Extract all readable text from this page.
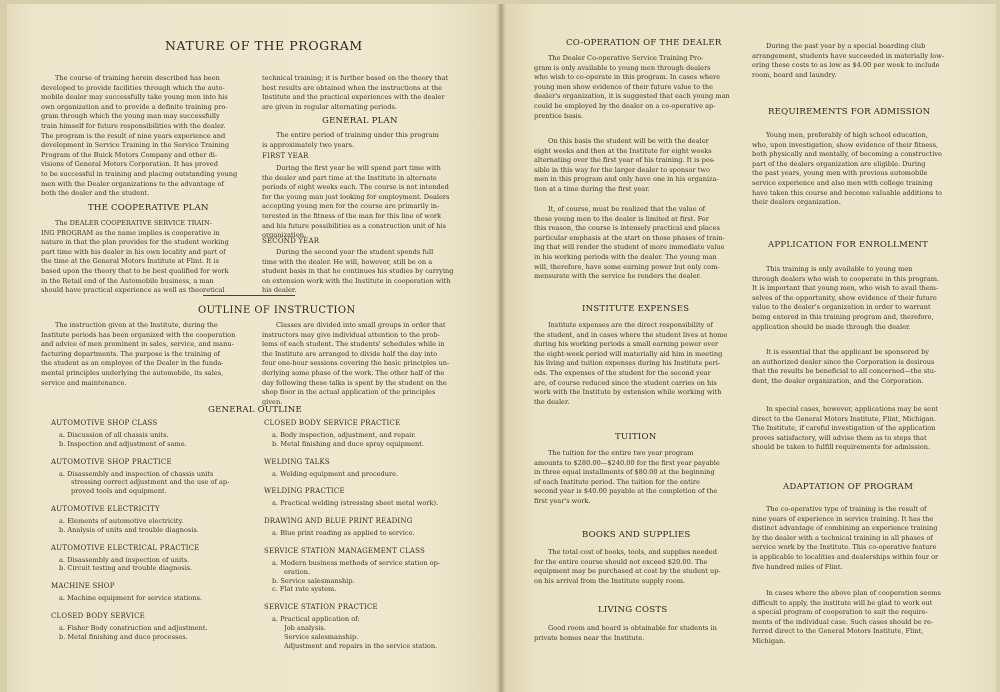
NATURE OF THE PROGRAM
The course of training herein described has been
developed to provide facilities through which the auto-
mobile dealer may successfully take young men into his
own organization and to provide a definite training pro-
gram through which the young man may successfully
train himself for future responsibilities with the dealer.
The program is the result of nine years experience and
development in Service Training in the Service Training
Program of the Buick Motors Company and other di-
visions of General Motors Corporation. It has proved
to be successful in training and placing outstanding young
men with the Dealer organizations to the advantage of
both the dealer and the student.
THE COOPERATIVE PLAN
The DEALER COOPERATIVE SERVICE TRAIN-
ING PROGRAM as the name implies is cooperative in
nature in that the plan provides for the student working
part time with his dealer in his own locality and part of
the time at the General Motors Institute at Flint. It is
based upon the theory that to be best qualified for work
in the Retail end of the Automobile business, a man
should have practical experience as well as theoretical
technical training; it is further based on the theory that
best results are obtained when the instructions at the
Institute and the practical experiences with the dealer
are given in regular alternating periods.
GENERAL PLAN
The entire period of training under this program
is approximately two years.
FIRST YEAR
During the first year he will spend part time with
the dealer and part time at the Institute in alternate
periods of eight weeks each. The course is not intended
for the young man just looking for employment. Dealers
accepting young men for the course are primarily in-
terested in the fitness of the man for this line of work
and his future possibilities as a construction unit of his
organization.
SECOND YEAR
During the second year the student spends full
time with the dealer. He will, however, still be on a
student basis in that he continues his studies by carrying
on extension work with the Institute in cooperation with
his dealer.
OUTLINE OF INSTRUCTION
The instruction given at the Institute, during the
Institute periods has been organized with the cooperation
and advice of men prominent in sales, service, and manu-
facturing departments. The purpose is the training of
the student as an employee of the Dealer in the funda-
mental principles underlying the automobile, its sales,
service and maintenance.
Classes are divided into small groups in order that
instructors may give individual attention to the prob-
lems of each student. The students' schedules while in
the Institute are arranged to divide half the day into
four one-hour sessions covering the basic principles un-
derlying some phase of the work. The other half of the
day following these talks is spent by the student on the
shop floor in the actual application of the principles
given.
GENERAL OUTLINE
AUTOMOTIVE SHOP CLASS
a. Discussion of all chassis units.
b. Inspection and adjustment of same.
AUTOMOTIVE SHOP PRACTICE
a. Disassembly and inspection of chassis units
stressing correct adjustment and the use of ap-
proved tools and equipment.
AUTOMOTIVE ELECTRICITY
a. Elements of automotive electricity.
b. Analysis of units and trouble diagnosis.
AUTOMOTIVE ELECTRICAL PRACTICE
a. Disassembly and inspection of units.
b. Circuit testing and trouble diagnosis.
MACHINE SHOP
a. Machine equipment for service stations.
CLOSED BODY SERVICE
a. Fisher Body construction and adjustment.
b. Metal finishing and duco processes.
CLOSED BODY SERVICE PRACTICE
a. Body inspection, adjustment, and repair.
b. Metal finishing and duco spray equipment.
WELDING TALKS
a. Welding equipment and procedure.
WELDING PRACTICE
a. Practical welding (stressing sheet metal work).
DRAWING AND BLUE PRINT READING
a. Blue print reading as applied to service.
SERVICE STATION MANAGEMENT CLASS
a. Modern business methods of service station op-
eration.
b. Service salesmanship.
c. Flat rate system.
SERVICE STATION PRACTICE
a. Practical application of:
Job analysis.
Service salesmanship.
Adjustment and repairs in the service station.
CO-OPERATION OF THE DEALER
The Dealer Co-operative Service Training Pro-
gram is only available to young men through dealers
who wish to co-operate in this program. In cases where
young men show evidence of their future value to the
dealer's organization, it is suggested that each young man
could be employed by the dealer on a co-operative ap-
prentice basis.
On this basis the student will be with the dealer
eight weeks and then at the Institute for eight weeks
alternating over the first year of his training. It is pos-
sible in this way for the larger dealer to sponsor two
men in this program and only have one in his organiza-
tion at a time during the first year.
It, of course, must be realized that the value of
these young men to the dealer is limited at first. For
this reason, the course is intensely practical and places
particular emphasis at the start on those phases of train-
ing that will render the student of more immediate value
in his working periods with the dealer. The young man
will, therefore, have some earning power but only com-
mensurate with the service he renders the dealer.
INSTITUTE EXPENSES
Institute expenses are the direct responsibility of
the student, and in cases where the student lives at home
during his working periods a small earning power over
the eight-week period will materially aid him in meeting
his living and tuition expenses during his Institute peri-
ods. The expenses of the student for the second year
are, of course reduced since the student carries on his
work with the Institute by extension while working with
the dealer.
TUITION
The tuition for the entire two year program
amounts to $280.00—$240.00 for the first year payable
in three equal installments of $80.00 at the beginning
of each Institute period. The tuition for the entire
second year is $40.00 payable at the completion of the
first year's work.
BOOKS AND SUPPLIES
The total cost of books, tools, and supplies needed
for the entire course should not exceed $20.00. The
equipment may be purchased at cost by the student up-
on his arrival from the Institute supply room.
LIVING COSTS
Good room and board is obtainable for students in
private homes near the Institute.
During the past year by a special boarding club
arrangement, students have succeeded in materially low-
ering these costs to as low as $4.00 per week to include
room, board and laundry.
REQUIREMENTS FOR ADMISSION
Young men, preferably of high school education,
who, upon investigation, show evidence of their fitness,
both physically and mentally, of becoming a constructive
part of the dealers organization are eligible. During
the past years, young men with previous automobile
service experience and also men with college training
have taken this course and become valuable additions to
their dealers organization.
APPLICATION FOR ENROLLMENT
This training is only available to young men
through dealers who wish to cooperate in this program.
It is important that young men, who wish to avail them-
selves of the opportunity, show evidence of their future
value to the dealer's organization in order to warrant
being entered in this training program and, therefore,
application should be made through the dealer.
It is essential that the applicant be sponsored by
an authorized dealer since the Corporation is desirous
that the results be beneficial to all concerned—the stu-
dent, the dealer organization, and the Corporation.
In special cases, however, applications may be sent
direct to the General Motors Institute, Flint, Michigan.
The Institute, if careful investigation of the application
proves satisfactory, will advise them as to steps that
should be taken to fulfill requirements for admission.
ADAPTATION OF PROGRAM
The co-operative type of training is the result of
nine years of experience in service training. It has the
distinct advantage of combining an experience training
by the dealer with a technical training in all phases of
service work by the Institute. This co-operative feature
is applicable to localities and dealerships within four or
five hundred miles of Flint.
In cases where the above plan of cooperation seems
difficult to apply, the institute will be glad to work out
a special program of cooperation to suit the require-
ments of the individual case. Such cases should be re-
ferred direct to the General Motors Institute, Flint,
Michigan.
